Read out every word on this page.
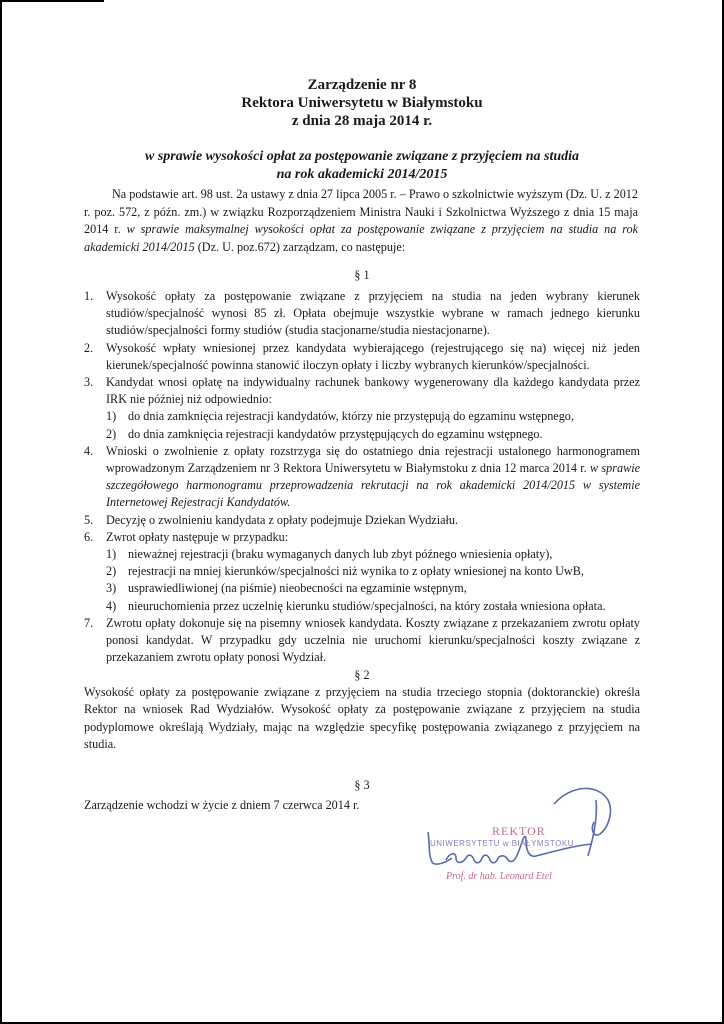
Zarządzenie nr 8
Rektora Uniwersytetu w Białymstoku
z dnia 28 maja 2014 r.
w sprawie wysokości opłat za postępowanie związane z przyjęciem na studia
na rok akademicki 2014/2015
Na podstawie art. 98 ust. 2a ustawy z dnia 27 lipca 2005 r. – Prawo o szkolnictwie wyższym (Dz. U. z 2012 r. poz. 572, z późn. zm.) w związku Rozporządzeniem Ministra Nauki i Szkolnictwa Wyższego z dnia 15 maja 2014 r. w sprawie maksymalnej wysokości opłat za postępowanie związane z przyjęciem na studia na rok akademicki 2014/2015 (Dz. U. poz.672) zarządzam, co następuje:
§ 1
1. Wysokość opłaty za postępowanie związane z przyjęciem na studia na jeden wybrany kierunek studiów/specjalność wynosi 85 zł. Opłata obejmuje wszystkie wybrane w ramach jednego kierunku studiów/specjalności formy studiów (studia stacjonarne/studia niestacjonarne).
2. Wysokość wpłaty wniesionej przez kandydata wybierającego (rejestrującego się na) więcej niż jeden kierunek/specjalność powinna stanowić iloczyn opłaty i liczby wybranych kierunków/specjalności.
3. Kandydat wnosi opłatę na indywidualny rachunek bankowy wygenerowany dla każdego kandydata przez IRK nie później niż odpowiednio:
1) do dnia zamknięcia rejestracji kandydatów, którzy nie przystępują do egzaminu wstępnego,
2) do dnia zamknięcia rejestracji kandydatów przystępujących do egzaminu wstępnego.
4. Wnioski o zwolnienie z opłaty rozstrzyga się do ostatniego dnia rejestracji ustalonego harmonogramem wprowadzonym Zarządzeniem nr 3 Rektora Uniwersytetu w Białymstoku z dnia 12 marca 2014 r. w sprawie szczegółowego harmonogramu przeprowadzenia rekrutacji na rok akademicki 2014/2015 w systemie Internetowej Rejestracji Kandydatów.
5. Decyzję o zwolnieniu kandydata z opłaty podejmuje Dziekan Wydziału.
6. Zwrot opłaty następuje w przypadku:
1) nieważnej rejestracji (braku wymaganych danych lub zbyt późnego wniesienia opłaty),
2) rejestracji na mniej kierunków/specjalności niż wynika to z opłaty wniesionej na konto UwB,
3) usprawiedliwionej (na piśmie) nieobecności na egzaminie wstępnym,
4) nieuruchomienia przez uczelnię kierunku studiów/specjalności, na który została wniesiona opłata.
7. Zwrotu opłaty dokonuje się na pisemny wniosek kandydata. Koszty związane z przekazaniem zwrotu opłaty ponosi kandydat. W przypadku gdy uczelnia nie uruchomi kierunku/specjalności koszty związane z przekazaniem zwrotu opłaty ponosi Wydział.
§ 2
Wysokość opłaty za postępowanie związane z przyjęciem na studia trzeciego stopnia (doktoranckie) określa Rektor na wniosek Rad Wydziałów. Wysokość opłaty za postępowanie związane z przyjęciem na studia podyplomowe określają Wydziały, mając na względzie specyfikę postępowania związanego z przyjęciem na studia.
§ 3
Zarządzenie wchodzi w życie z dniem 7 czerwca 2014 r.
REKTOR
UNIWERSYTETU w BIAŁYMSTOKU
Prof. dr hab. Leonard Etel
